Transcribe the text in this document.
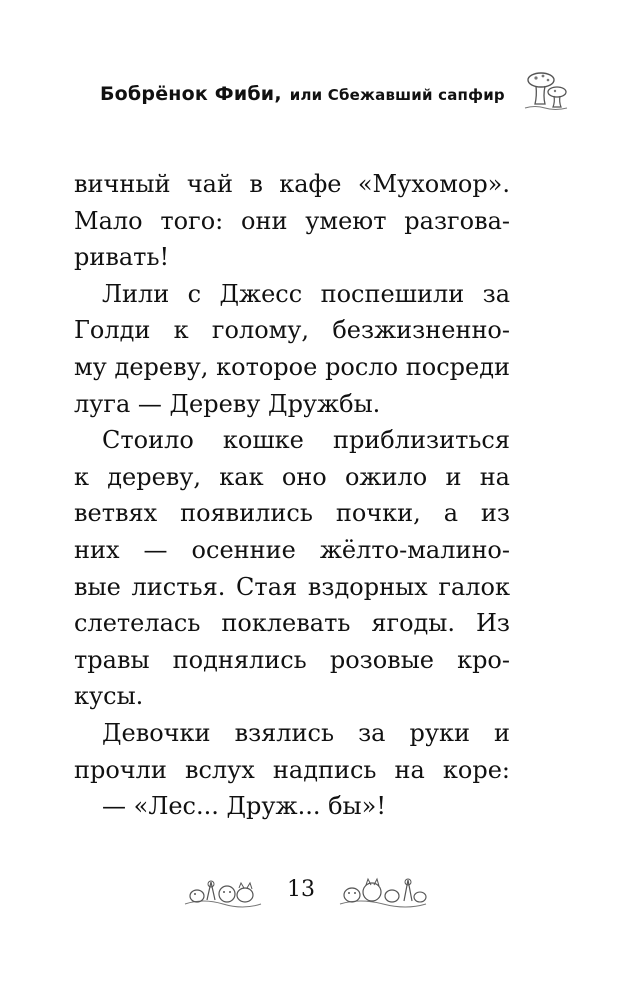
Бобрёнок Фиби, или Сбежавший сапфир
вичный чай в кафе «Мухомор».
Мало того: они умеют разгова-
ривать!
Лили с Джесс поспешили за
Голди к голому, безжизненно-
му дереву, которое росло посреди
луга — Дереву Дружбы.
Стоило кошке приблизиться
к дереву, как оно ожило и на
ветвях появились почки, а из
них — осенние жёлто-малино-
вые листья. Стая вздорных галок
слетелась поклевать ягоды. Из
травы поднялись розовые кро-
кусы.
Девочки взялись за руки и
прочли вслух надпись на коре:
— «Лес... Друж... бы»!
13
